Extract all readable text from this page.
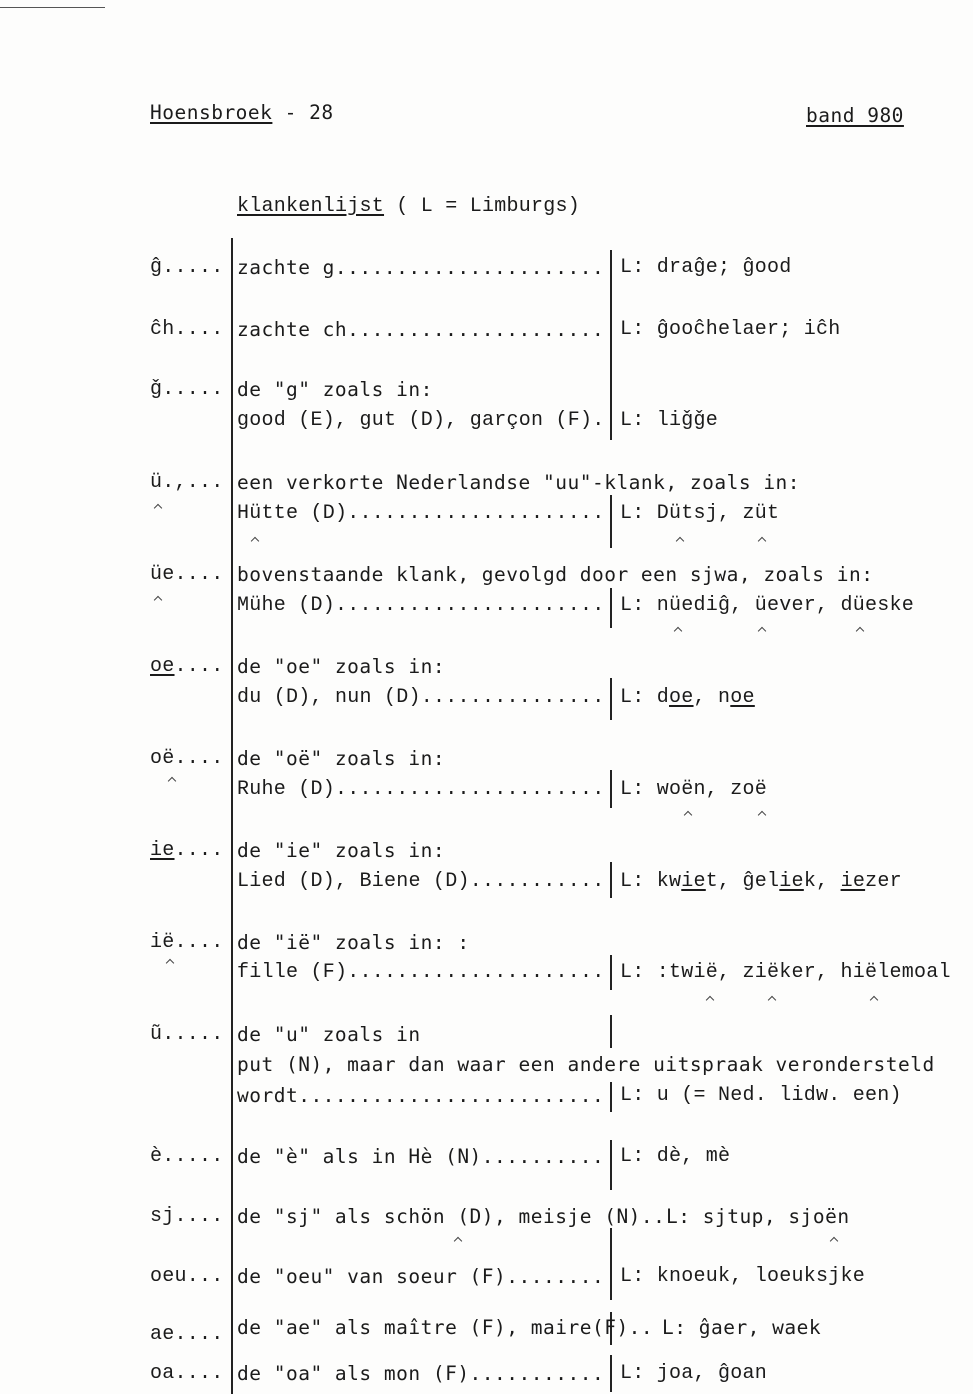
Hoensbroek - 28	band 980
klankenlijst ( L = Limburgs)
ĝ..... zachte g...................... L: draĝe; ĝood
ĉh.... zachte ch..................... L: ĝooĉhelaer; iĉh
ǧ..... de "g" zoals in:
good (E), gut (D), garçon (F). L: liǧǧe
ü.,... een verkorte Nederlandse "uu"-klank, zoals in:
Hütte (D)..................... L: Dütsj, züt
üe.... bovenstaande klank, gevolgd door een sjwa, zoals in:
Mühe (D)...................... L: nüediĝ, üever, düeske
oe.... de "oe" zoals in:
du (D), nun (D)............... L: doe, noe
oë.... de "oë" zoals in:
Ruhe (D)...................... L: woën, zoë
ie.... de "ie" zoals in:
Lied (D), Biene (D)........... L: kwiet, ĝeliek, iezer
ië.... de "ië" zoals in: :
fille (F)..................... L: :twië, ziëker, hiëlemoal
ũ..... de "u" zoals in
put (N), maar dan waar een andere uitspraak verondersteld
wordt......................... L: u (= Ned. lidw. een)
è..... de "è" als in Hè (N).......... L: dè, mè
sj.... de "sj" als schön (D), meisje (N).. L: sjtup, sjoën
oeu... de "oeu" van soeur (F)........ L: knoeuk, loeuksjke
ae.... de "ae" als maître (F), maire(F).. L: ĝaer, waek
oa.... de "oa" als mon (F)........... L: joa, ĝoan
